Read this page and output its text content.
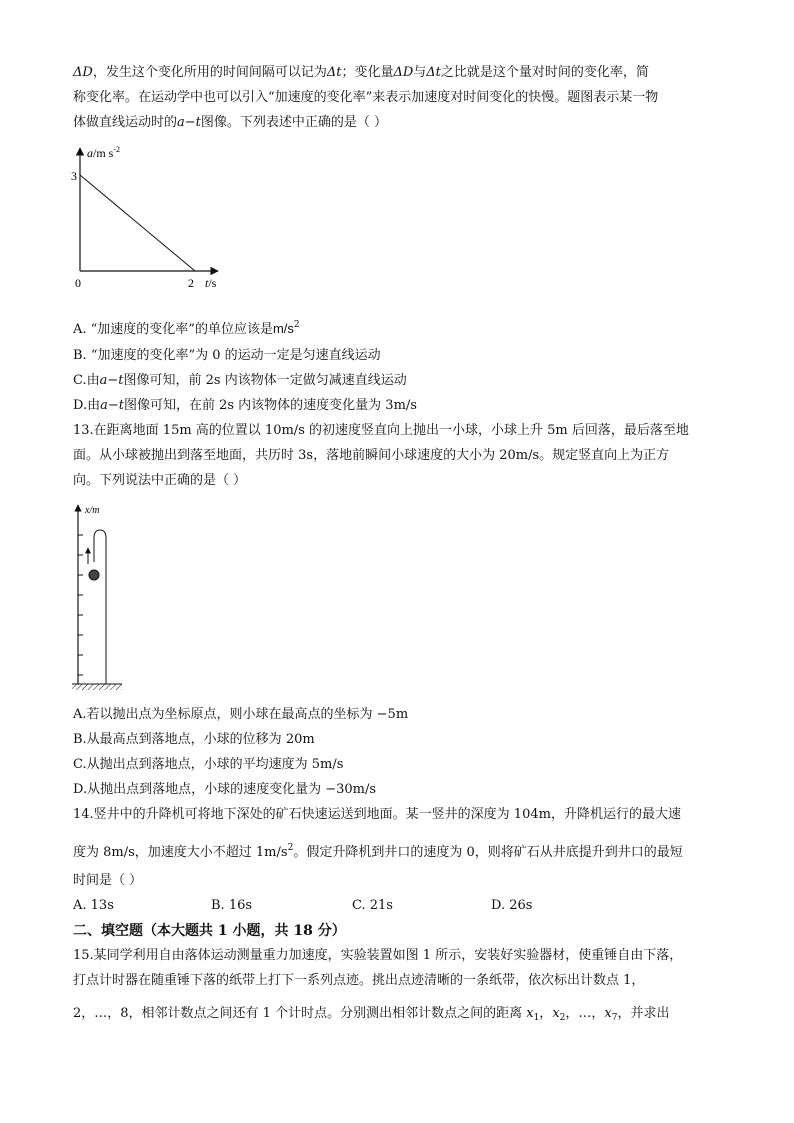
ΔD，发生这个变化所用的时间间隔可以记为Δt；变化量ΔD与Δt之比就是这个量对时间的变化率，简
称变化率。在运动学中也可以引入“加速度的变化率”来表示加速度对时间变化的快慢。题图表示某一物
体做直线运动时的a−t图像。下列表述中正确的是（ ）
a/m $s^{-2}$
3
0	2 t/s
A. “加速度的变化率”的单位应该是$m/s^2$
B. “加速度的变化率”为 0 的运动一定是匀速直线运动
C.由a−t图像可知，前 2s 内该物体一定做匀减速直线运动
D.由a−t图像可知，在前 2s 内该物体的速度变化量为 3m/s
13.在距离地面 15m 高的位置以 10m/s 的初速度竖直向上抛出一小球，小球上升 5m 后回落，最后落至地
面。从小球被抛出到落至地面，共历时 3s，落地前瞬间小球速度的大小为 20m/s。规定竖直向上为正方
向。下列说法中正确的是（ ）
x/m
A.若以抛出点为坐标原点，则小球在最高点的坐标为 −5m
B.从最高点到落地点，小球的位移为 20m
C.从抛出点到落地点，小球的平均速度为 5m/s
D.从抛出点到落地点，小球的速度变化量为 −30m/s
14.竖井中的升降机可将地下深处的矿石快速运送到地面。某一竖井的深度为 104m，升降机运行的最大速
度为 8m/s，加速度大小不超过 $1m/s^2$。假定升降机到井口的速度为 0，则将矿石从井底提升到井口的最短
时间是（ ）
A. 13s	B. 16s	C. 21s	D. 26s
二、填空题（本大题共 1 小题，共 18 分）
15.某同学利用自由落体运动测量重力加速度，实验装置如图 1 所示，安装好实验器材，使重锤自由下落，
打点计时器在随重锤下落的纸带上打下一系列点迹。挑出点迹清晰的一条纸带，依次标出计数点 1，
2，…，8，相邻计数点之间还有 1 个计时点。分别测出相邻计数点之间的距离 $x_1$，$x_2$，…，$x_7$，并求出
